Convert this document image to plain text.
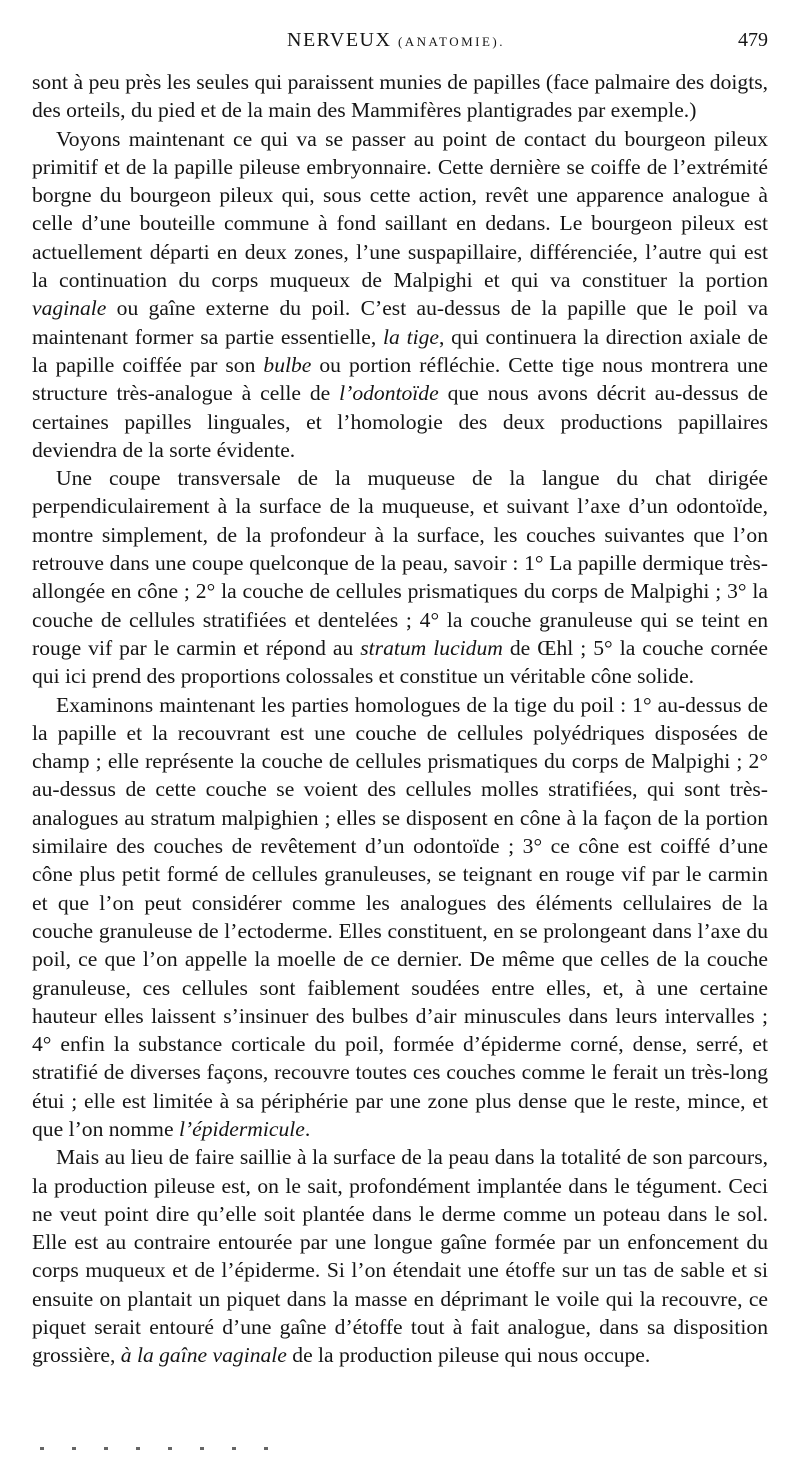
NERVEUX (ANATOMIE).	479

sont à peu près les seules qui paraissent munies de papilles (face palmaire des doigts, des orteils, du pied et de la main des Mammifères plantigrades par exemple.)

Voyons maintenant ce qui va se passer au point de contact du bourgeon pileux primitif et de la papille pileuse embryonnaire. Cette dernière se coiffe de l’extrémité borgne du bourgeon pileux qui, sous cette action, revêt une apparence analogue à celle d’une bouteille commune à fond saillant en dedans. Le bourgeon pileux est actuellement départi en deux zones, l’une suspapillaire, différenciée, l’autre qui est la continuation du corps muqueux de Malpighi et qui va constituer la portion vaginale ou gaîne externe du poil. C’est au-dessus de la papille que le poil va maintenant former sa partie essentielle, la tige, qui continuera la direction axiale de la papille coiffée par son bulbe ou portion réfléchie. Cette tige nous montrera une structure très-analogue à celle de l’odontoïde que nous avons décrit au-dessus de certaines papilles linguales, et l’homologie des deux productions papillaires deviendra de la sorte évidente.

Une coupe transversale de la muqueuse de la langue du chat dirigée perpendiculairement à la surface de la muqueuse, et suivant l’axe d’un odontoïde, montre simplement, de la profondeur à la surface, les couches suivantes que l’on retrouve dans une coupe quelconque de la peau, savoir : 1° La papille dermique très-allongée en cône ; 2° la couche de cellules prismatiques du corps de Malpighi ; 3° la couche de cellules stratifiées et dentelées ; 4° la couche granuleuse qui se teint en rouge vif par le carmin et répond au stratum lucidum de Œhl ; 5° la couche cornée qui ici prend des proportions colossales et constitue un véritable cône solide.

Examinons maintenant les parties homologues de la tige du poil : 1° au-dessus de la papille et la recouvrant est une couche de cellules polyédriques disposées de champ ; elle représente la couche de cellules prismatiques du corps de Malpighi ; 2° au-dessus de cette couche se voient des cellules molles stratifiées, qui sont très-analogues au stratum malpighien ; elles se disposent en cône à la façon de la portion similaire des couches de revêtement d’un odontoïde ; 3° ce cône est coiffé d’une cône plus petit formé de cellules granuleuses, se teignant en rouge vif par le carmin et que l’on peut considérer comme les analogues des éléments cellulaires de la couche granuleuse de l’ectoderme. Elles constituent, en se prolongeant dans l’axe du poil, ce que l’on appelle la moelle de ce dernier. De même que celles de la couche granuleuse, ces cellules sont faiblement soudées entre elles, et, à une certaine hauteur elles laissent s’insinuer des bulbes d’air minuscules dans leurs intervalles ; 4° enfin la substance corticale du poil, formée d’épiderme corné, dense, serré, et stratifié de diverses façons, recouvre toutes ces couches comme le ferait un très-long étui ; elle est limitée à sa périphérie par une zone plus dense que le reste, mince, et que l’on nomme l’épidermicule.

Mais au lieu de faire saillie à la surface de la peau dans la totalité de son parcours, la production pileuse est, on le sait, profondément implantée dans le tégument. Ceci ne veut point dire qu’elle soit plantée dans le derme comme un poteau dans le sol. Elle est au contraire entourée par une longue gaîne formée par un enfoncement du corps muqueux et de l’épiderme. Si l’on étendait une étoffe sur un tas de sable et si ensuite on plantait un piquet dans la masse en déprimant le voile qui la recouvre, ce piquet serait entouré d’une gaîne d’étoffe tout à fait analogue, dans sa disposition grossière, à la gaîne vaginale de la production pileuse qui nous occupe.
